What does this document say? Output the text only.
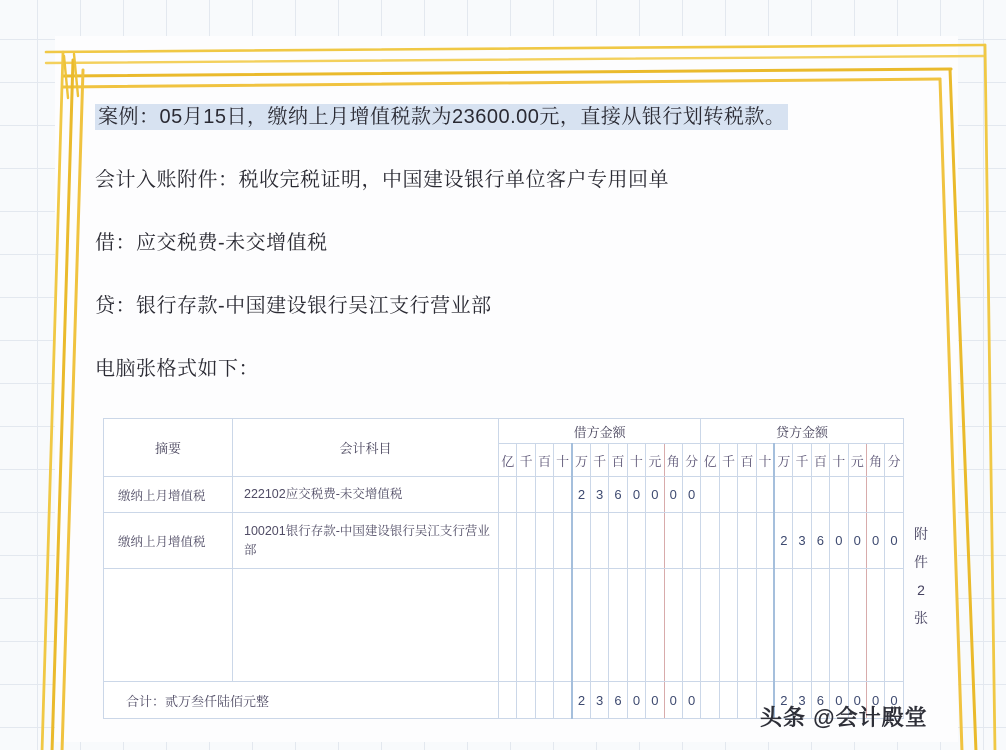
案例：05月15日，缴纳上月增值税款为23600.00元，直接从银行划转税款。
会计入账附件：税收完税证明，中国建设银行单位客户专用回单
借：应交税费-未交增值税
贷：银行存款-中国建设银行吴江支行营业部
电脑张格式如下：
摘要	会计科目	借方金额											贷方金额										
		亿	千	百	十	万	千	百	十	元	角	分	亿	千	百	十	万	千	百	十	元	角	分
缴纳上月增值税	222102应交税费-未交增值税					2	3	6	0	0	0	0											
缴纳上月增值税	100201银行存款-中国建设银行吴江支行营业部																2	3	6	0	0	0	0

合计：贰万叁仟陆佰元整						2	3	6	0	0	0	0					2	3	6	0	0	0	0
附
件
2
张
头条 @会计殿堂
